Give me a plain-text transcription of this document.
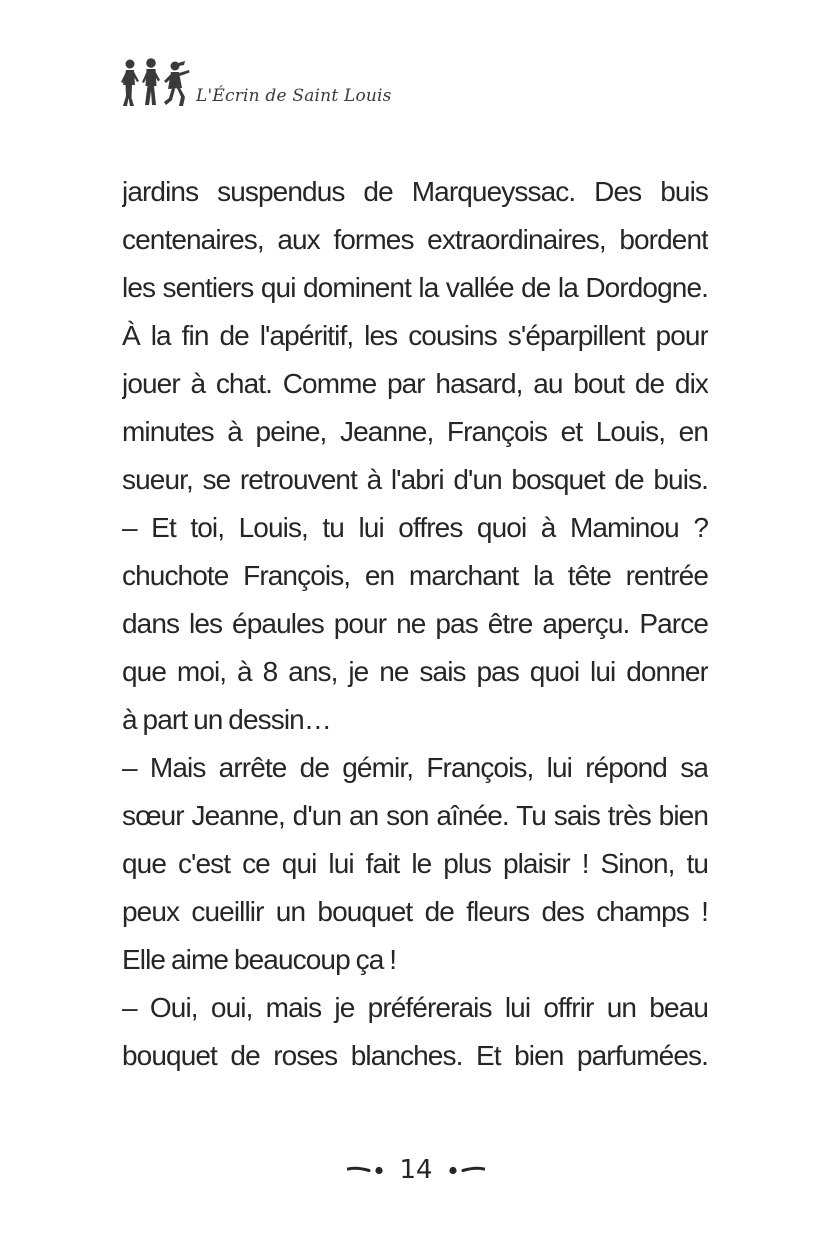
L'Écrin de Saint Louis
jardins suspendus de Marqueyssac. Des buis
centenaires, aux formes extraordinaires, bordent
les sentiers qui dominent la vallée de la Dordogne.
À la fin de l'apéritif, les cousins s'éparpillent pour
jouer à chat. Comme par hasard, au bout de dix
minutes à peine, Jeanne, François et Louis, en
sueur, se retrouvent à l'abri d'un bosquet de buis.
– Et toi, Louis, tu lui offres quoi à Maminou ?
chuchote François, en marchant la tête rentrée
dans les épaules pour ne pas être aperçu. Parce
que moi, à 8 ans, je ne sais pas quoi lui donner
à part un dessin…
– Mais arrête de gémir, François, lui répond sa
sœur Jeanne, d'un an son aînée. Tu sais très bien
que c'est ce qui lui fait le plus plaisir ! Sinon, tu
peux cueillir un bouquet de fleurs des champs !
Elle aime beaucoup ça !
– Oui, oui, mais je préférerais lui offrir un beau
bouquet de roses blanches. Et bien parfumées.
14
